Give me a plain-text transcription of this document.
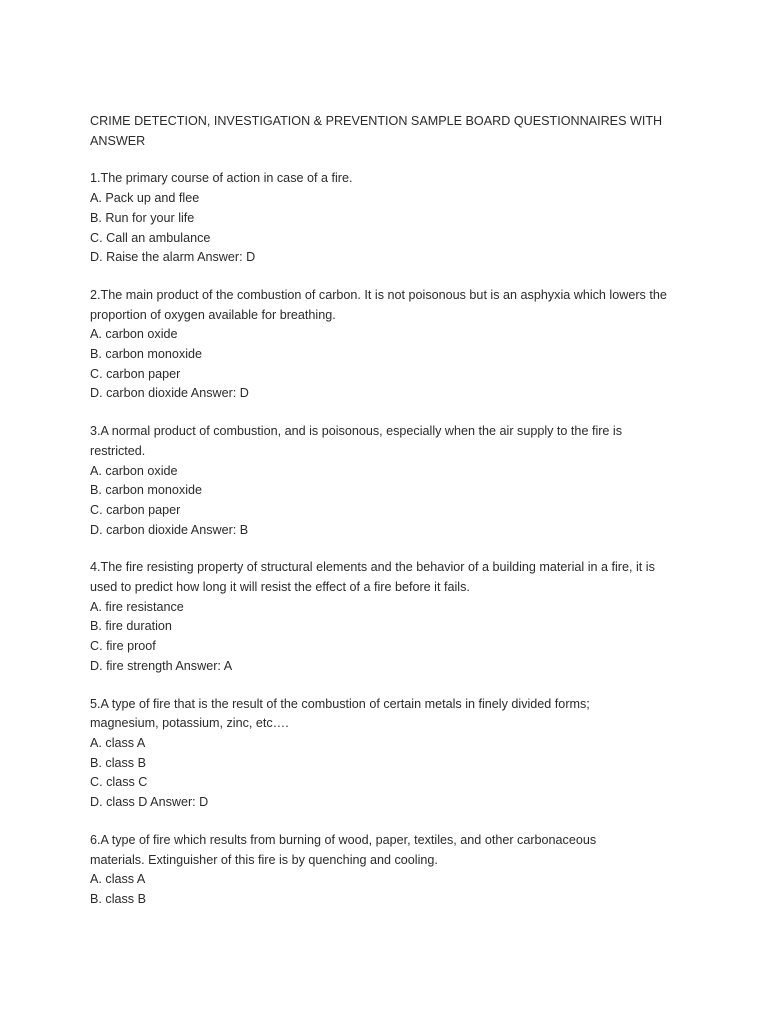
CRIME DETECTION, INVESTIGATION & PREVENTION SAMPLE BOARD QUESTIONNAIRES WITH ANSWER

1.The primary course of action in case of a fire.

A. Pack up and flee

B. Run for your life

C. Call an ambulance

D. Raise the alarm Answer: D

2.The main product of the combustion of carbon. It is not poisonous but is an asphyxia which lowers the proportion of oxygen available for breathing.

A. carbon oxide

B. carbon monoxide

C. carbon paper

D. carbon dioxide Answer: D

3.A normal product of combustion, and is poisonous, especially when the air supply to the fire is restricted.

A. carbon oxide

B. carbon monoxide

C. carbon paper

D. carbon dioxide Answer: B

4.The fire resisting property of structural elements and the behavior of a building material in a fire, it is used to predict how long it will resist the effect of a fire before it fails.

A. fire resistance

B. fire duration

C. fire proof

D. fire strength Answer: A

5.A type of fire that is the result of the combustion of certain metals in finely divided forms; magnesium, potassium, zinc, etc….

A. class A

B. class B

C. class C

D. class D Answer: D

6.A type of fire which results from burning of wood, paper, textiles, and other carbonaceous materials. Extinguisher of this fire is by quenching and cooling.

A. class A

B. class B
